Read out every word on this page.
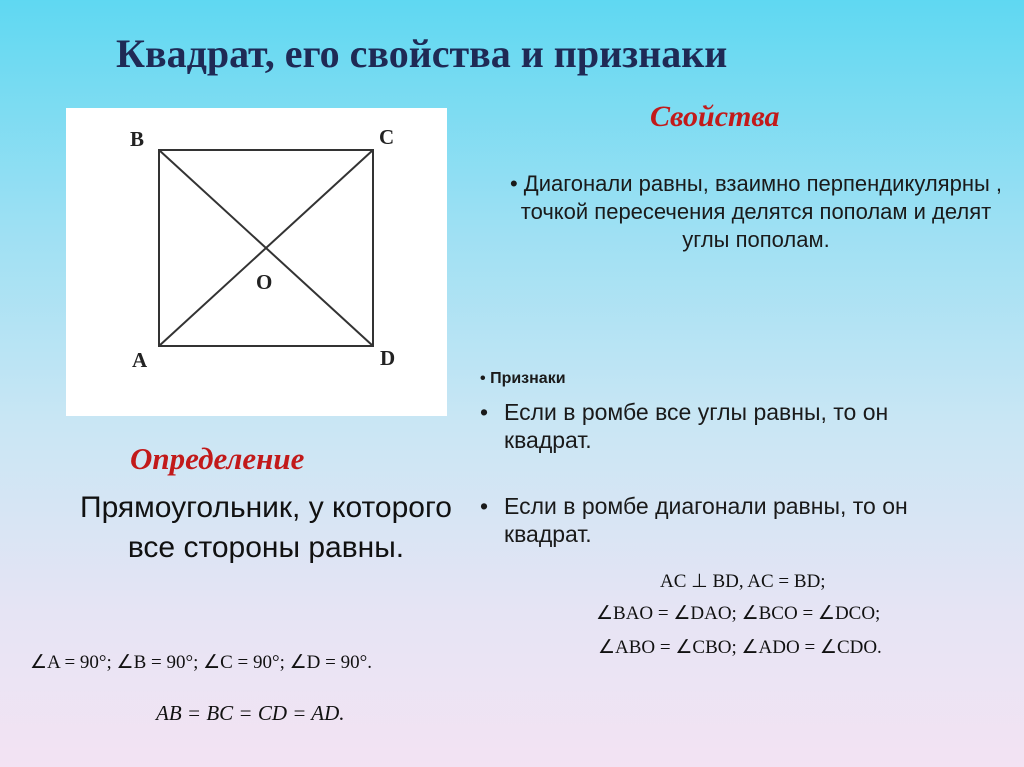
Квадрат, его свойства и признаки
B	C
A	D
O
Свойства
• Диагонали равны, взаимно перпендикулярны , точкой пересечения делятся пополам и делят углы пополам.
• Признаки
• Если в ромбе все углы равны, то он
квадрат.
• Если в ромбе диагонали равны, то он
квадрат.
Определение
Прямоугольник, у которого все стороны равны.
∠A = 90°; ∠B = 90°; ∠C = 90°; ∠D = 90°.
AB = BC = CD = AD.
AC ⊥ BD, AC = BD;
∠BAO = ∠DAO; ∠BCO = ∠DCO;
∠ABO = ∠CBO; ∠ADO = ∠CDO.
